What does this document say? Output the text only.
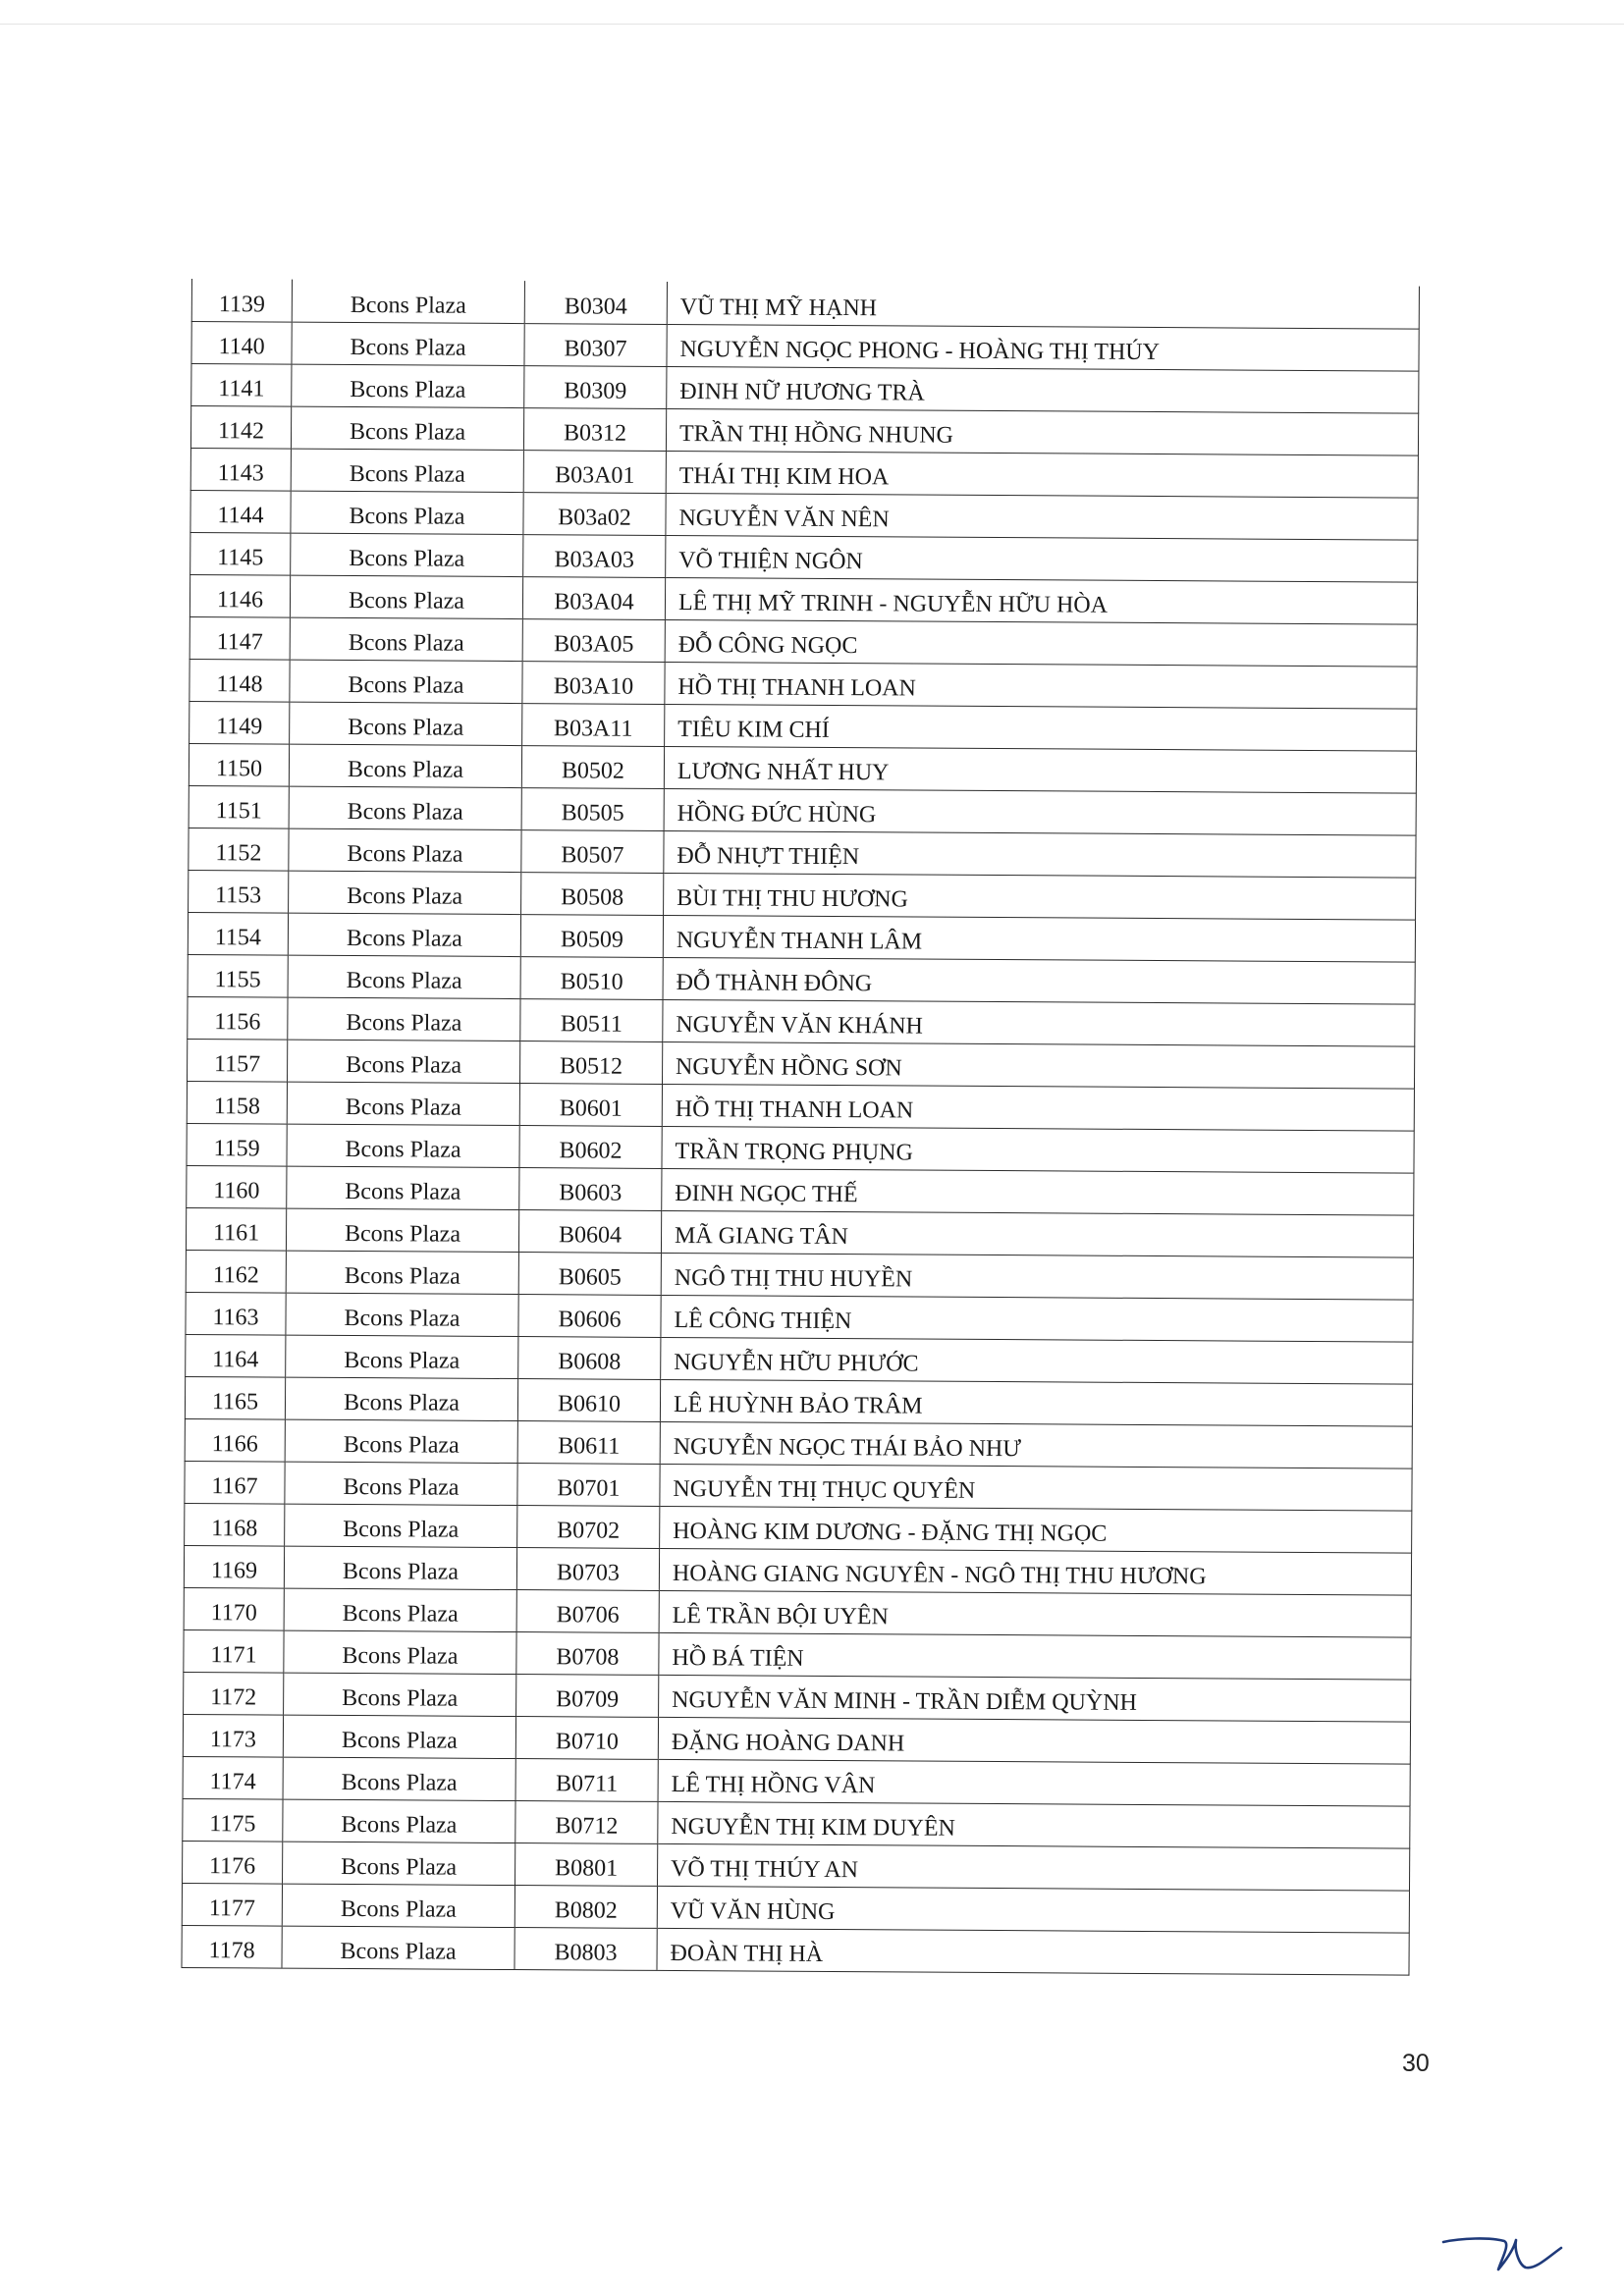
1139	Bcons Plaza	B0304	VŨ THỊ MỸ HẠNH
1140	Bcons Plaza	B0307	NGUYỄN NGỌC PHONG - HOÀNG THỊ THÚY
1141	Bcons Plaza	B0309	ĐINH NỮ HƯƠNG TRÀ
1142	Bcons Plaza	B0312	TRẦN THỊ HỒNG NHUNG
1143	Bcons Plaza	B03A01	THÁI THỊ KIM HOA
1144	Bcons Plaza	B03a02	NGUYỄN VĂN NÊN
1145	Bcons Plaza	B03A03	VÕ THIỆN NGÔN
1146	Bcons Plaza	B03A04	LÊ THỊ MỸ TRINH - NGUYỄN HỮU HÒA
1147	Bcons Plaza	B03A05	ĐỖ CÔNG NGỌC
1148	Bcons Plaza	B03A10	HỒ THỊ THANH LOAN
1149	Bcons Plaza	B03A11	TIÊU KIM CHÍ
1150	Bcons Plaza	B0502	LƯƠNG NHẤT HUY
1151	Bcons Plaza	B0505	HỒNG ĐỨC HÙNG
1152	Bcons Plaza	B0507	ĐỖ NHỰT THIỆN
1153	Bcons Plaza	B0508	BÙI THỊ THU HƯƠNG
1154	Bcons Plaza	B0509	NGUYỄN THANH LÂM
1155	Bcons Plaza	B0510	ĐỖ THÀNH ĐÔNG
1156	Bcons Plaza	B0511	NGUYỄN VĂN KHÁNH
1157	Bcons Plaza	B0512	NGUYỄN HỒNG SƠN
1158	Bcons Plaza	B0601	HỒ THỊ THANH LOAN
1159	Bcons Plaza	B0602	TRẦN TRỌNG PHỤNG
1160	Bcons Plaza	B0603	ĐINH NGỌC THẾ
1161	Bcons Plaza	B0604	MÃ GIANG TÂN
1162	Bcons Plaza	B0605	NGÔ THỊ THU HUYỀN
1163	Bcons Plaza	B0606	LÊ CÔNG THIỆN
1164	Bcons Plaza	B0608	NGUYỄN HỮU PHƯỚC
1165	Bcons Plaza	B0610	LÊ HUỲNH BẢO TRÂM
1166	Bcons Plaza	B0611	NGUYỄN NGỌC THÁI BẢO NHƯ
1167	Bcons Plaza	B0701	NGUYỄN THỊ THỤC QUYÊN
1168	Bcons Plaza	B0702	HOÀNG KIM DƯƠNG - ĐẶNG THỊ NGỌC
1169	Bcons Plaza	B0703	HOÀNG GIANG NGUYÊN - NGÔ THỊ THU HƯƠNG
1170	Bcons Plaza	B0706	LÊ TRẦN BỘI UYÊN
1171	Bcons Plaza	B0708	HỒ BÁ TIỆN
1172	Bcons Plaza	B0709	NGUYỄN VĂN MINH - TRẦN DIỄM QUỲNH
1173	Bcons Plaza	B0710	ĐẶNG HOÀNG DANH
1174	Bcons Plaza	B0711	LÊ THỊ HỒNG VÂN
1175	Bcons Plaza	B0712	NGUYỄN THỊ KIM DUYÊN
1176	Bcons Plaza	B0801	VÕ THỊ THÚY AN
1177	Bcons Plaza	B0802	VŨ VĂN HÙNG
1178	Bcons Plaza	B0803	ĐOÀN THỊ HÀ
30
